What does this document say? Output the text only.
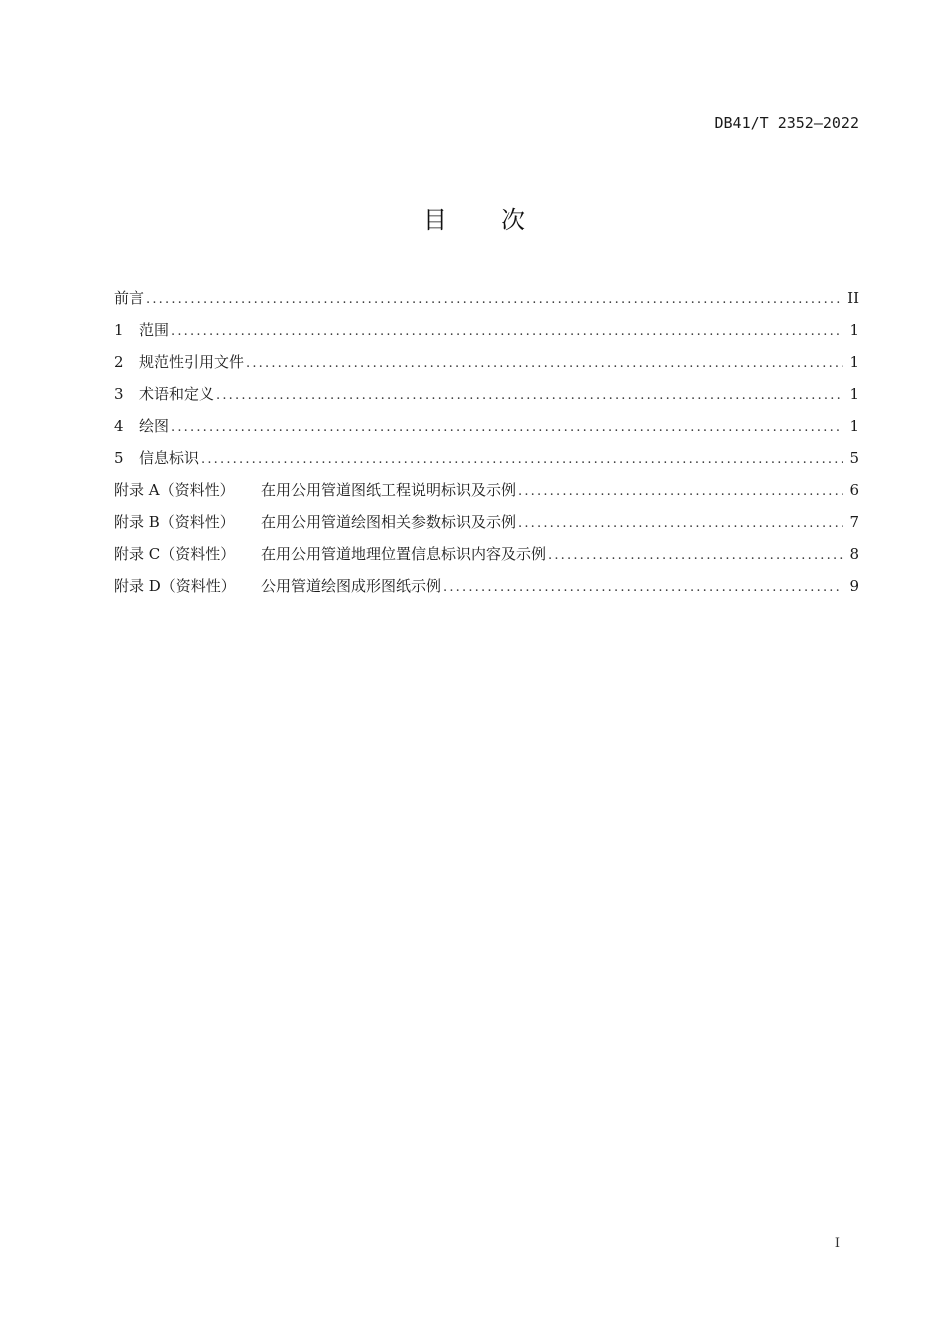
DB41/T 2352—2022
目 次
前言 .....	II
1	范围 .....	1
2	规范性引用文件 .....	1
3	术语和定义 .....	1
4	绘图 .....	1
5	信息标识 .....	5
附录 A（资料性）	在用公用管道图纸工程说明标识及示例 .....	6
附录 B（资料性）	在用公用管道绘图相关参数标识及示例 .....	7
附录 C（资料性）	在用公用管道地理位置信息标识内容及示例 .....	8
附录 D（资料性）	公用管道绘图成形图纸示例 .....	9
I
